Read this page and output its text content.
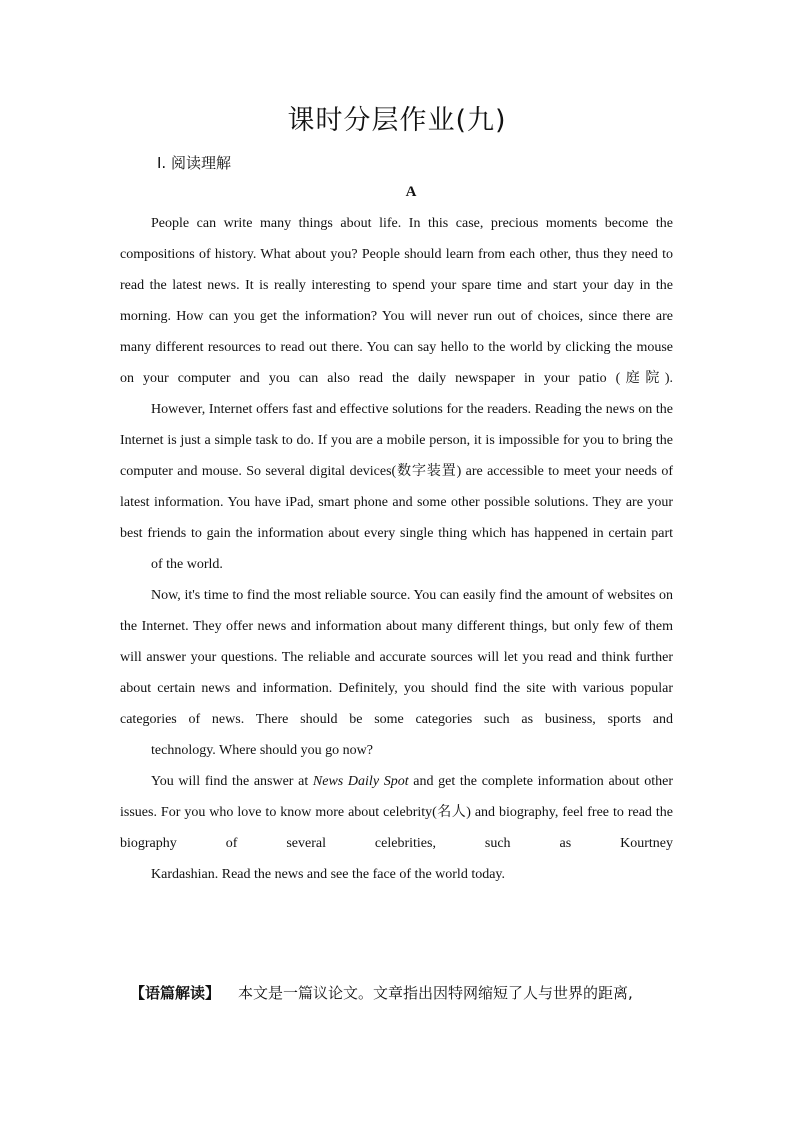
课时分层作业(九)
Ⅰ. 阅读理解
A

People can write many things about life. In this case, precious moments become the compositions of history. What about you? People should learn from each other, thus they need to read the latest news. It is really interesting to spend your spare time and start your day in the morning. How can you get the information? You will never run out of choices, since there are many different resources to read out there. You can say hello to the world by clicking the mouse on your computer and you can also read the daily newspaper in your patio (庭院).

However, Internet offers fast and effective solutions for the readers. Reading the news on the Internet is just a simple task to do. If you are a mobile person, it is impossible for you to bring the computer and mouse. So several digital devices(数字装置) are accessible to meet your needs of latest information. You have iPad, smart phone and some other possible solutions. They are your best friends to gain the information about every single thing which has happened in certain part
of the world.

Now, it's time to find the most reliable source. You can easily find the amount of websites on the Internet. They offer news and information about many different things, but only few of them will answer your questions. The reliable and accurate sources will let you read and think further about certain news and information. Definitely, you should find the site with various popular categories of news. There should be some categories such as business, sports and
technology. Where should you go now?

You will find the answer at News Daily Spot and get the complete information about other issues. For you who love to know more about celebrity(名人) and biography, feel free to read the biography of several celebrities, such as Kourtney
Kardashian. Read the news and see the face of the world today.

【语篇解读】 本文是一篇议论文。文章指出因特网缩短了人与世界的距离,
